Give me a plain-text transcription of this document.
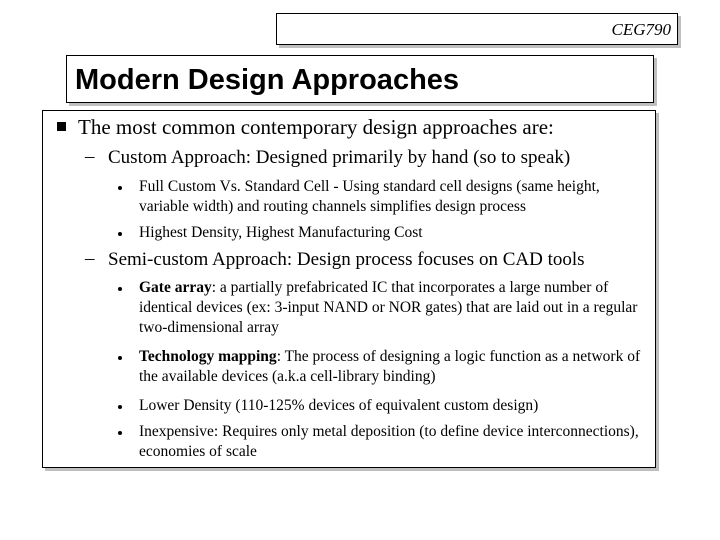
CEG790
Modern Design Approaches
The most common contemporary design approaches are:
– Custom Approach: Designed primarily by hand (so to speak)
Full Custom Vs. Standard Cell - Using standard cell designs (same height, variable width) and routing channels simplifies design process
Highest Density, Highest Manufacturing Cost
– Semi-custom Approach: Design process focuses on CAD tools
Gate array: a partially prefabricated IC that incorporates a large number of identical devices (ex: 3-input NAND or NOR gates) that are laid out in a regular two-dimensional array
Technology mapping: The process of designing a logic function as a network of the available devices (a.k.a cell-library binding)
Lower Density (110-125% devices of equivalent custom design)
Inexpensive: Requires only metal deposition (to define device interconnections), economies of scale
